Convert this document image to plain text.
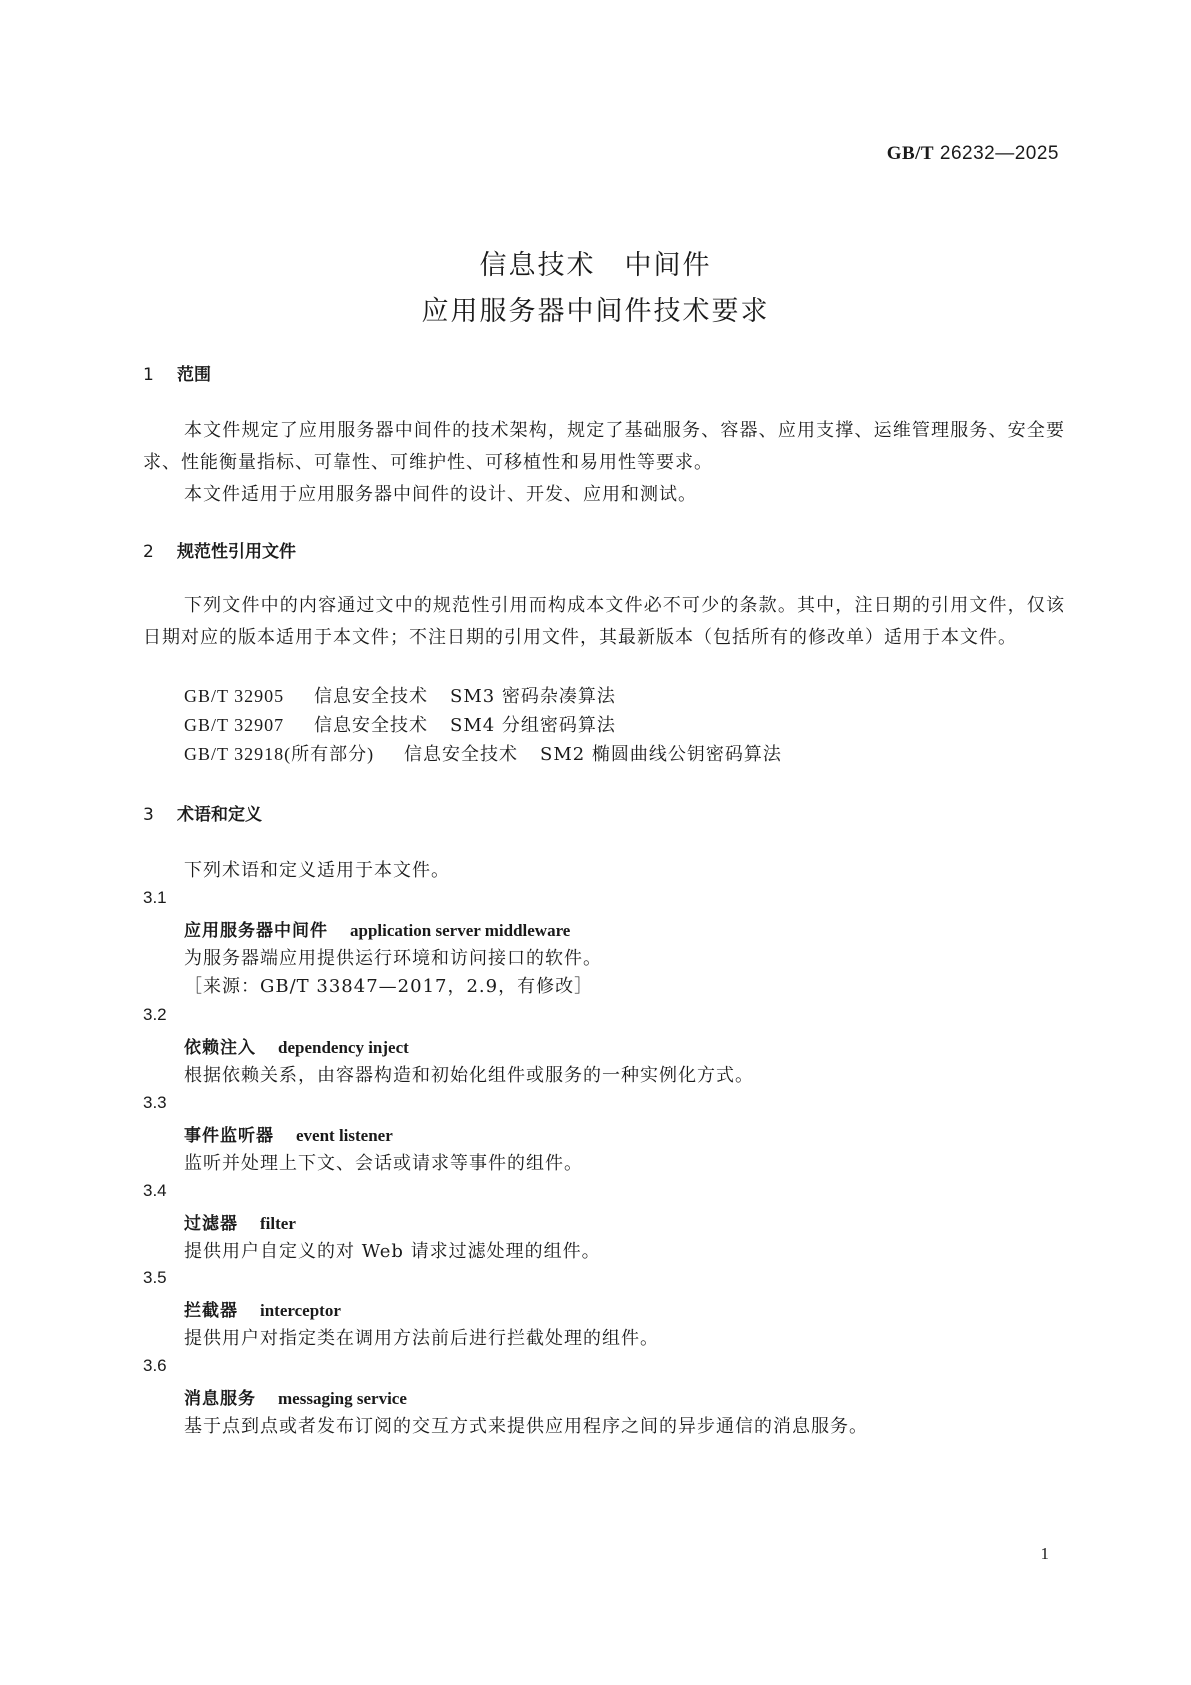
GB/T 26232—2025
信息技术　中间件
应用服务器中间件技术要求
1 范围
本文件规定了应用服务器中间件的技术架构，规定了基础服务、容器、应用支撑、运维管理服务、安全要求、性能衡量指标、可靠性、可维护性、可移植性和易用性等要求。
本文件适用于应用服务器中间件的设计、开发、应用和测试。
2 规范性引用文件
下列文件中的内容通过文中的规范性引用而构成本文件必不可少的条款。其中，注日期的引用文件，仅该日期对应的版本适用于本文件；不注日期的引用文件，其最新版本（包括所有的修改单）适用于本文件。
GB/T 32905 信息安全技术 SM3 密码杂凑算法
GB/T 32907 信息安全技术 SM4 分组密码算法
GB/T 32918(所有部分) 信息安全技术 SM2 椭圆曲线公钥密码算法
3 术语和定义
下列术语和定义适用于本文件。
3.1
应用服务器中间件 application server middleware
为服务器端应用提供运行环境和访问接口的软件。
［来源：GB/T 33847—2017，2.9，有修改］
3.2
依赖注入 dependency inject
根据依赖关系，由容器构造和初始化组件或服务的一种实例化方式。
3.3
事件监听器 event listener
监听并处理上下文、会话或请求等事件的组件。
3.4
过滤器 filter
提供用户自定义的对 Web 请求过滤处理的组件。
3.5
拦截器 interceptor
提供用户对指定类在调用方法前后进行拦截处理的组件。
3.6
消息服务 messaging service
基于点到点或者发布订阅的交互方式来提供应用程序之间的异步通信的消息服务。
1
